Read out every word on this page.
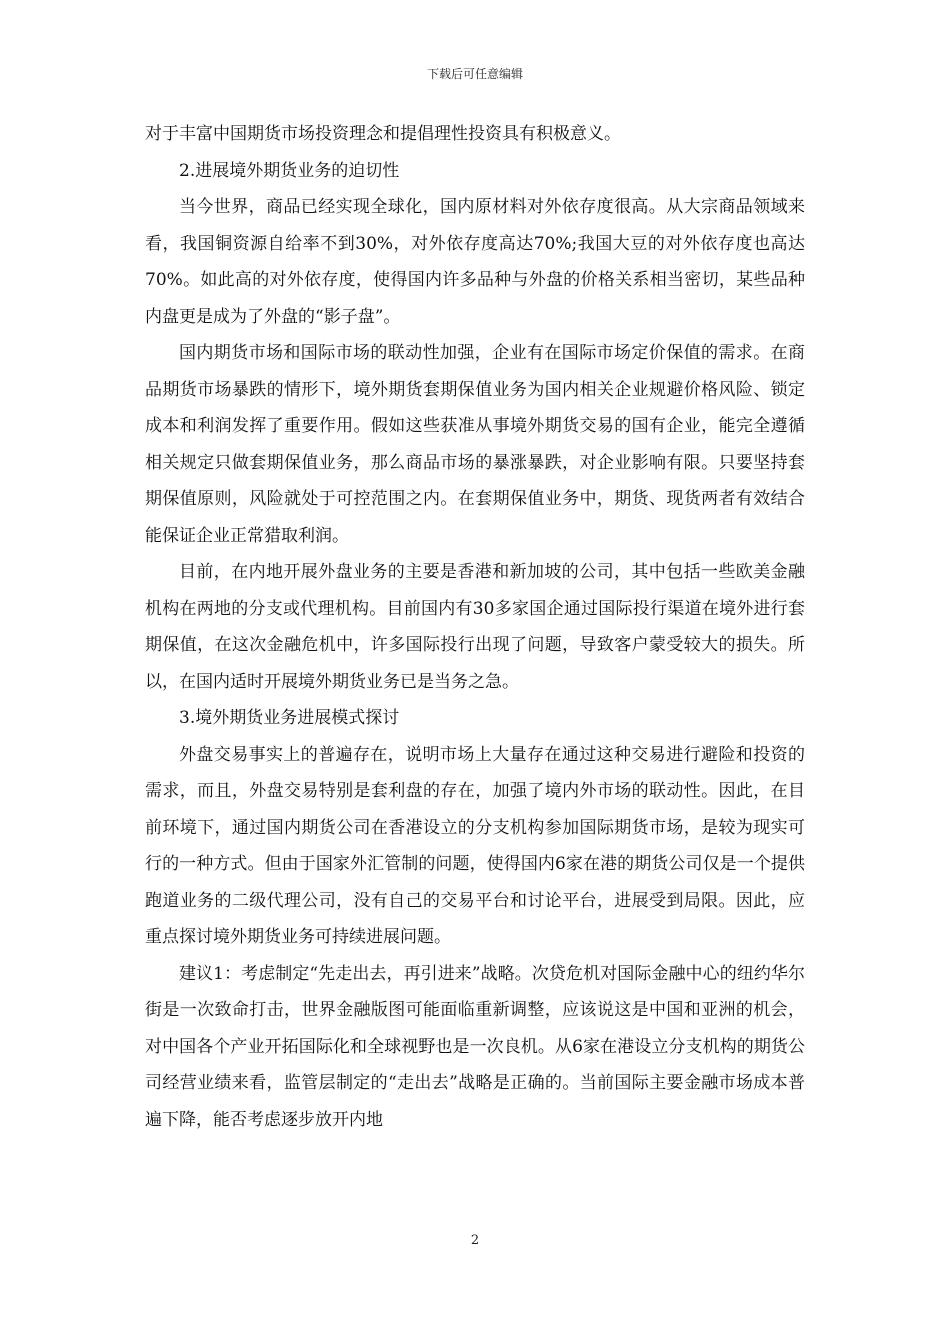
下载后可任意编辑

对于丰富中国期货市场投资理念和提倡理性投资具有积极意义。

2.进展境外期货业务的迫切性

当今世界，商品已经实现全球化，国内原材料对外依存度很高。从大宗商品领域来看，我国铜资源自给率不到30%，对外依存度高达70%;我国大豆的对外依存度也高达70%。如此高的对外依存度，使得国内许多品种与外盘的价格关系相当密切，某些品种内盘更是成为了外盘的“影子盘”。

国内期货市场和国际市场的联动性加强，企业有在国际市场定价保值的需求。在商品期货市场暴跌的情形下，境外期货套期保值业务为国内相关企业规避价格风险、锁定成本和利润发挥了重要作用。假如这些获准从事境外期货交易的国有企业，能完全遵循相关规定只做套期保值业务，那么商品市场的暴涨暴跌，对企业影响有限。只要坚持套期保值原则，风险就处于可控范围之内。在套期保值业务中，期货、现货两者有效结合能保证企业正常猎取利润。

目前，在内地开展外盘业务的主要是香港和新加坡的公司，其中包括一些欧美金融机构在两地的分支或代理机构。目前国内有30多家国企通过国际投行渠道在境外进行套期保值，在这次金融危机中，许多国际投行出现了问题，导致客户蒙受较大的损失。所以，在国内适时开展境外期货业务已是当务之急。

3.境外期货业务进展模式探讨

外盘交易事实上的普遍存在，说明市场上大量存在通过这种交易进行避险和投资的需求，而且，外盘交易特别是套利盘的存在，加强了境内外市场的联动性。因此，在目前环境下，通过国内期货公司在香港设立的分支机构参加国际期货市场，是较为现实可行的一种方式。但由于国家外汇管制的问题，使得国内6家在港的期货公司仅是一个提供跑道业务的二级代理公司，没有自己的交易平台和讨论平台，进展受到局限。因此，应重点探讨境外期货业务可持续进展问题。

建议1：考虑制定“先走出去，再引进来”战略。次贷危机对国际金融中心的纽约华尔街是一次致命打击，世界金融版图可能面临重新调整，应该说这是中国和亚洲的机会，对中国各个产业开拓国际化和全球视野也是一次良机。从6家在港设立分支机构的期货公司经营业绩来看，监管层制定的“走出去”战略是正确的。当前国际主要金融市场成本普遍下降，能否考虑逐步放开内地

2
